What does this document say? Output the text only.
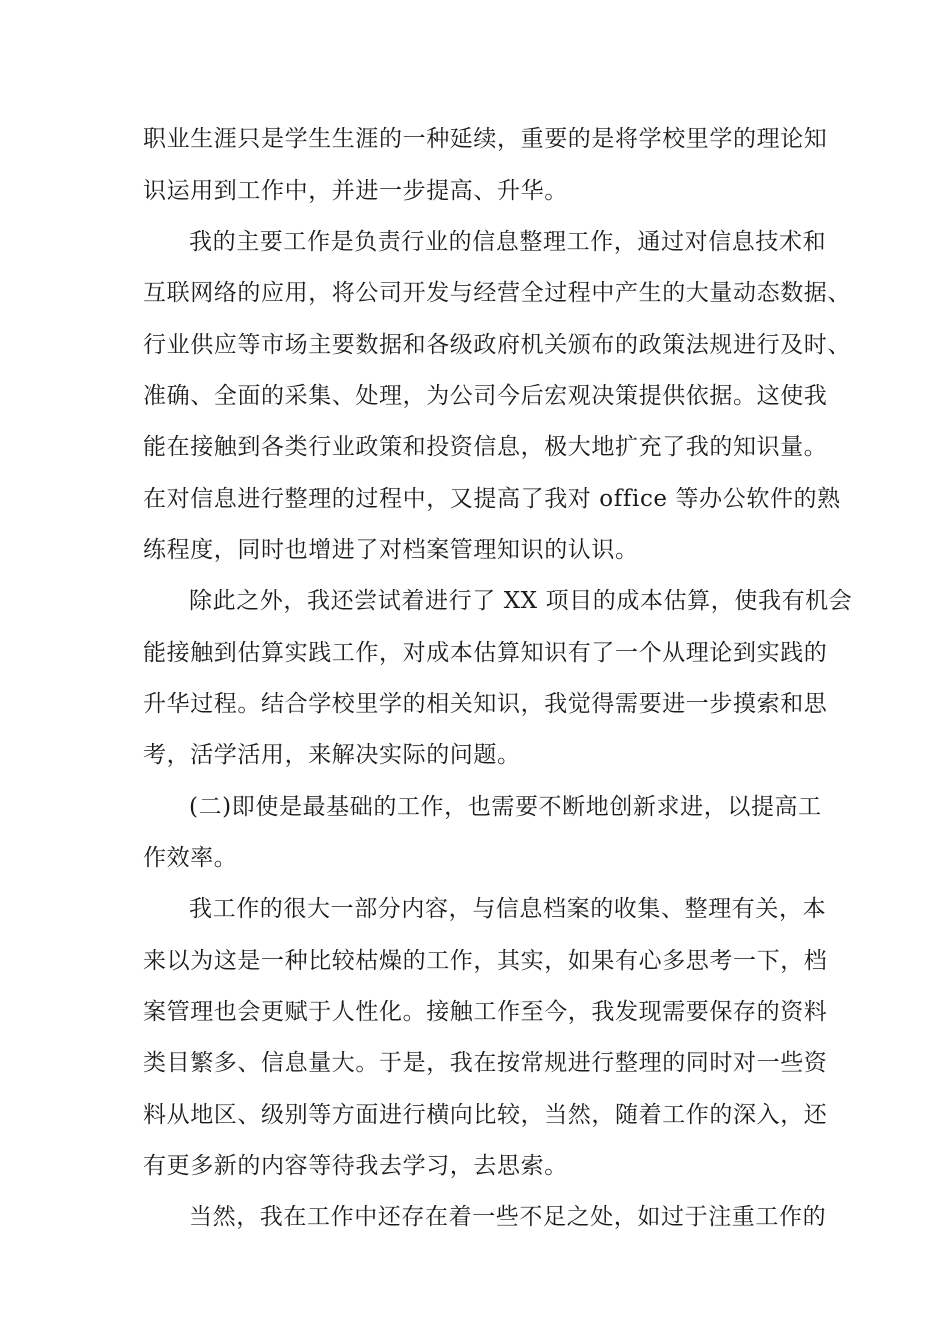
职业生涯只是学生生涯的一种延续，重要的是将学校里学的理论知
识运用到工作中，并进一步提高、升华。
我的主要工作是负责行业的信息整理工作，通过对信息技术和
互联网络的应用，将公司开发与经营全过程中产生的大量动态数据、
行业供应等市场主要数据和各级政府机关颁布的政策法规进行及时、
准确、全面的采集、处理，为公司今后宏观决策提供依据。这使我
能在接触到各类行业政策和投资信息，极大地扩充了我的知识量。
在对信息进行整理的过程中，又提高了我对 office 等办公软件的熟
练程度，同时也增进了对档案管理知识的认识。
除此之外，我还尝试着进行了 XX 项目的成本估算，使我有机会
能接触到估算实践工作，对成本估算知识有了一个从理论到实践的
升华过程。结合学校里学的相关知识，我觉得需要进一步摸索和思
考，活学活用，来解决实际的问题。
(二)即使是最基础的工作，也需要不断地创新求进，以提高工
作效率。
我工作的很大一部分内容，与信息档案的收集、整理有关，本
来以为这是一种比较枯燥的工作，其实，如果有心多思考一下，档
案管理也会更赋于人性化。接触工作至今，我发现需要保存的资料
类目繁多、信息量大。于是，我在按常规进行整理的同时对一些资
料从地区、级别等方面进行横向比较，当然，随着工作的深入，还
有更多新的内容等待我去学习，去思索。
当然，我在工作中还存在着一些不足之处，如过于注重工作的
